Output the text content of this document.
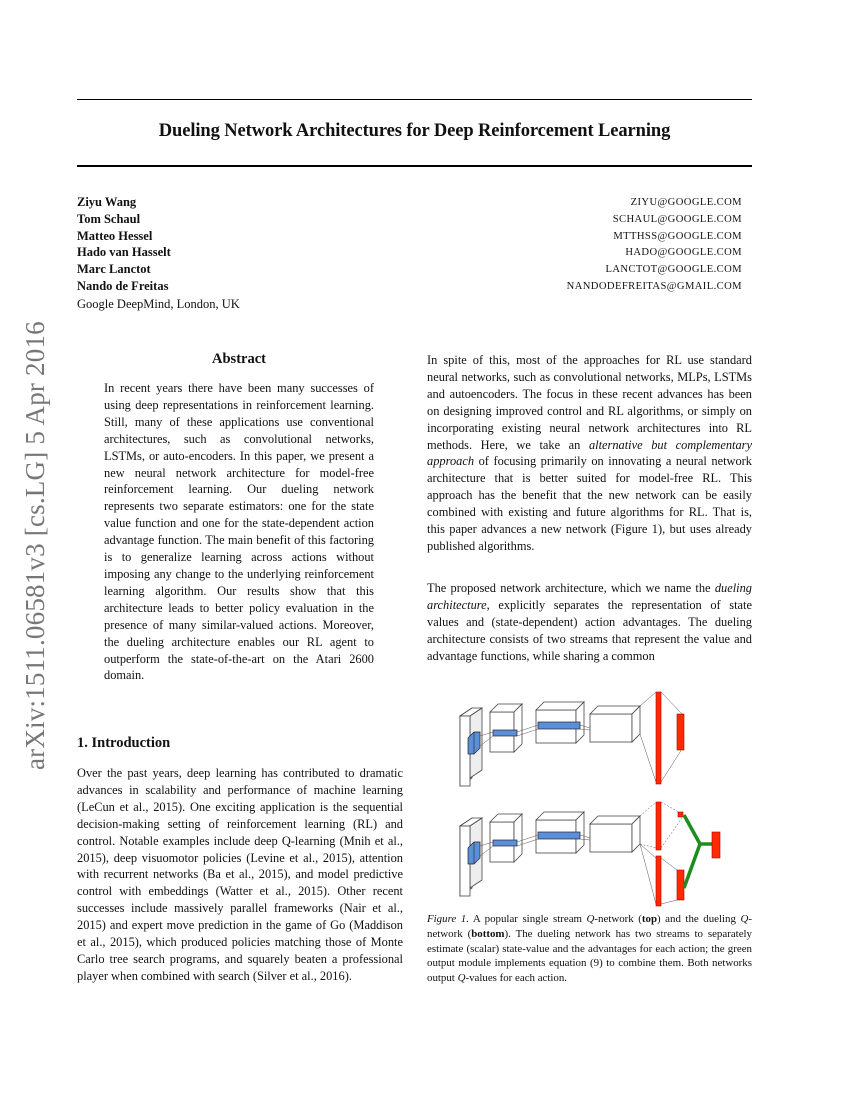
Dueling Network Architectures for Deep Reinforcement Learning
Ziyu Wang
Tom Schaul
Matteo Hessel
Hado van Hasselt
Marc Lanctot
Nando de Freitas
Google DeepMind, London, UK
ZIYU@GOOGLE.COM
SCHAUL@GOOGLE.COM
MTTHSS@GOOGLE.COM
HADO@GOOGLE.COM
LANCTOT@GOOGLE.COM
NANDODEFREITAS@GMAIL.COM
arXiv:1511.06581v3 [cs.LG] 5 Apr 2016	Abstract

In recent years there have been many successes of using deep representations in reinforcement learning. Still, many of these applications use conventional architectures, such as convolutional networks, LSTMs, or auto-encoders. In this paper, we present a new neural network architecture for model-free reinforcement learning. Our dueling network represents two separate estimators: one for the state value function and one for the state-dependent action advantage function. The main benefit of this factoring is to generalize learning across actions without imposing any change to the underlying reinforcement learning algorithm. Our results show that this architecture leads to better policy evaluation in the presence of many similar-valued actions. Moreover, the dueling architecture enables our RL agent to outperform the state-of-the-art on the Atari 2600 domain.

1. Introduction

Over the past years, deep learning has contributed to dramatic advances in scalability and performance of machine learning (LeCun et al., 2015). One exciting application is the sequential decision-making setting of reinforcement learning (RL) and control. Notable examples include deep Q-learning (Mnih et al., 2015), deep visuomotor policies (Levine et al., 2015), attention with recurrent networks (Ba et al., 2015), and model predictive control with embeddings (Watter et al., 2015). Other recent successes include massively parallel frameworks (Nair et al., 2015) and expert move prediction in the game of Go (Maddison et al., 2015), which produced policies matching those of Monte Carlo tree search programs, and squarely beaten a professional player when combined with search (Silver et al., 2016).

In spite of this, most of the approaches for RL use standard neural networks, such as convolutional networks, MLPs, LSTMs and autoencoders. The focus in these recent advances has been on designing improved control and RL algorithms, or simply on incorporating existing neural network architectures into RL methods. Here, we take an alternative but complementary approach of focusing primarily on innovating a neural network architecture that is better suited for model-free RL. This approach has the benefit that the new network can be easily combined with existing and future algorithms for RL. That is, this paper advances a new network (Figure 1), but uses already published algorithms.

The proposed network architecture, which we name the dueling architecture, explicitly separates the representation of state values and (state-dependent) action advantages. The dueling architecture consists of two streams that represent the value and advantage functions, while sharing a common

Figure 1. A popular single stream Q-network (top) and the dueling Q-network (bottom). The dueling network has two streams to separately estimate (scalar) state-value and the advantages for each action; the green output module implements equation (9) to combine them. Both networks output Q-values for each action.
